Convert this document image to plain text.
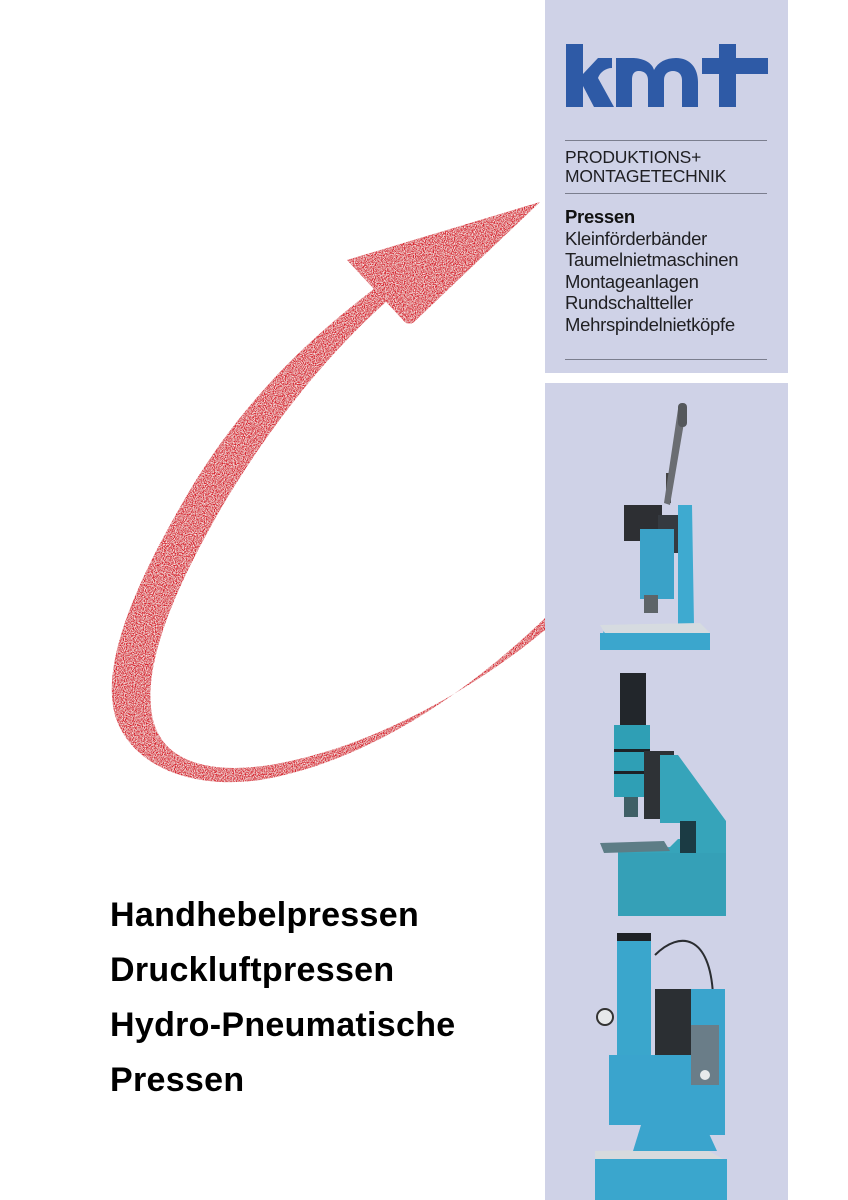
PRODUKTIONS+
MONTAGETECHNIK
Pressen
Kleinförderbänder
Taumelnietmaschinen
Montageanlagen
Rundschaltteller
Mehrspindelnietköpfe
Handhebelpressen
Druckluftpressen
Hydro-Pneumatische
Pressen
